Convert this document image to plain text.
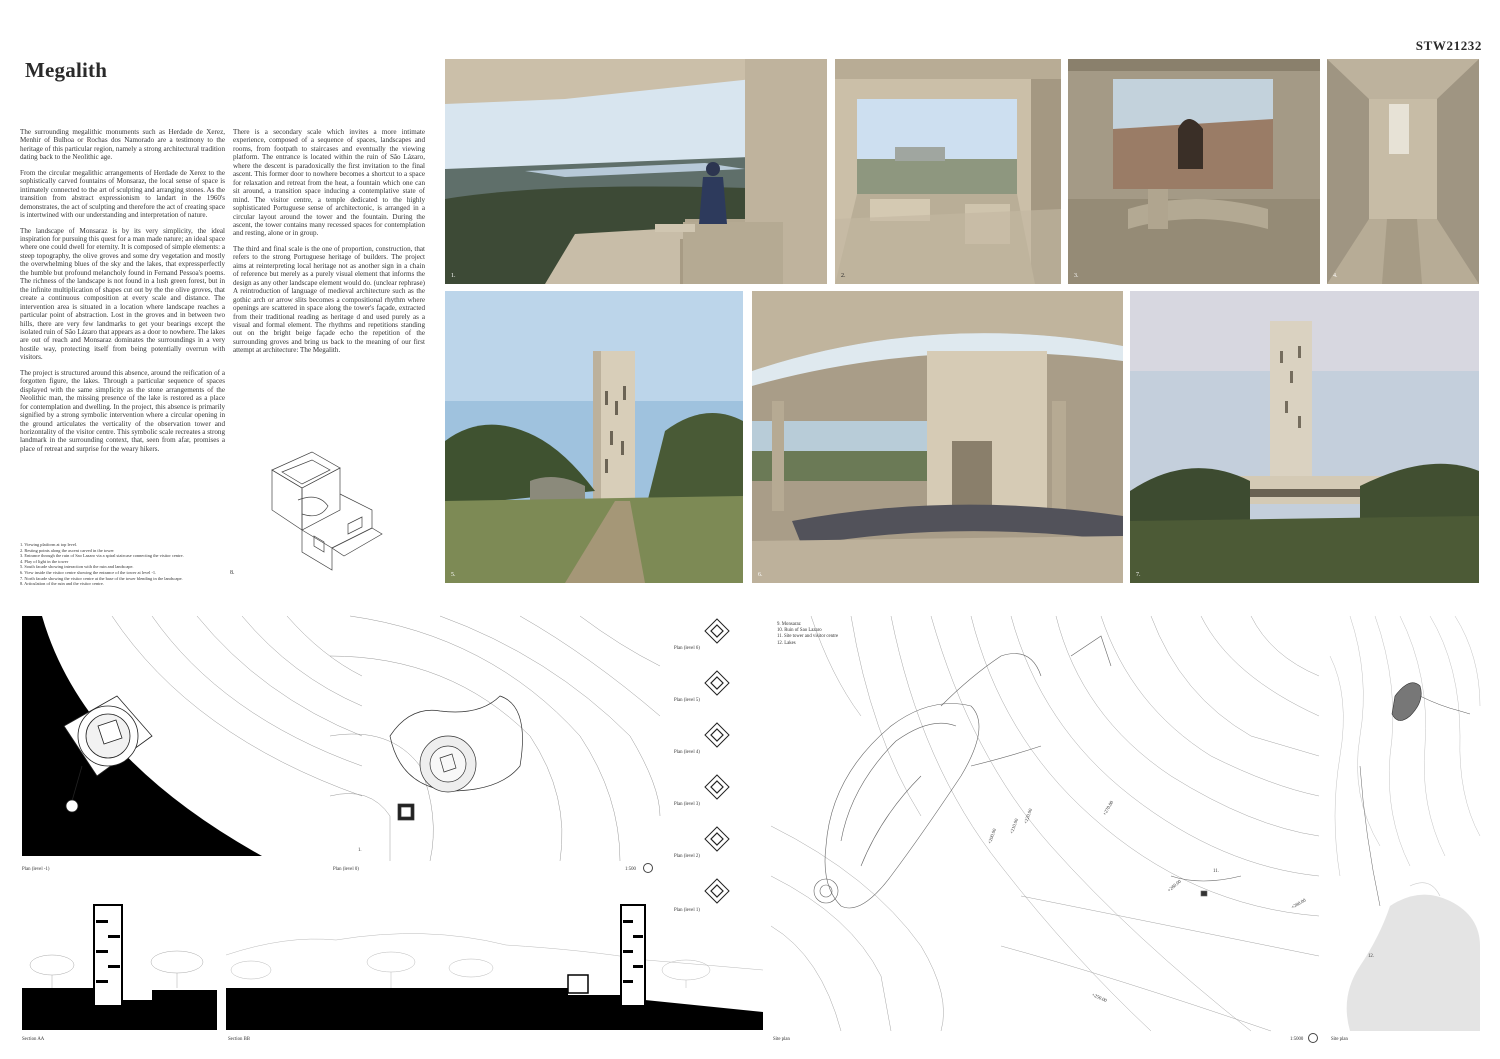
Megalith
STW21232

The surrounding megalithic monuments such as Herdade de Xerez, Menhir of Bulhoa or Rochas dos Namorado are a testimony to the heritage of this particular region, namely a strong architectural tradition dating back to the Neolithic age.

From the circular megalithic arrangements of Herdade de Xerez to the sophistically carved fountains of Monsaraz, the local sense of space is intimately connected to the art of sculpting and arranging stones. As the transition from abstract expressionism to landart in the 1960's demonstrates, the act of sculpting and therefore the act of creating space is intertwined with our understanding and interpretation of nature.

The landscape of Monsaraz is by its very simplicity, the ideal inspiration for pursuing this quest for a man made nature; an ideal space where one could dwell for eternity. It is composed of simple elements: a steep topography, the olive groves and some dry vegetation and mostly the overwhelming blues of the sky and the lakes, that expressperfectly the humble but profound melancholy found in Fernand Pessoa's poems. The richness of the landscape is not found in a lush green forest, but in the infinite multiplication of shapes cut out by the the olive groves, that create a continuous composition at every scale and distance. The intervention area is situated in a location where landscape reaches a particular point of abstraction. Lost in the groves and in between two hills, there are very few landmarks to get your bearings except the isolated ruin of São Lázaro that appears as a door to nowhere. The lakes are out of reach and Monsaraz dominates the surroundings in a very hostile way, protecting itself from being potentially overrun with visitors.

The project is structured around this absence, around the reification of a forgotten figure, the lakes. Through a particular sequence of spaces displayed with the same simplicity as the stone arrangements of the Neolithic man, the missing presence of the lake is restored as a place for contemplation and dwelling. In the project, this absence is primarily signified by a strong symbolic intervention where a circular opening in the ground articulates the verticality of the observation tower and horizontality of the visitor centre. This symbolic scale recreates a strong landmark in the surrounding context, that, seen from afar, promises a place of retreat and surprise for the weary hikers.

There is a secondary scale which invites a more intimate experience, composed of a sequence of spaces, landscapes and rooms, from footpath to staircases and eventually the viewing platform. The entrance is located within the ruin of São Lázaro, where the descent is paradoxically the first invitation to the final ascent. This former door to nowhere becomes a shortcut to a space for relaxation and retreat from the heat, a fountain which one can sit around, a transition space inducing a contemplative state of mind. The visitor centre, a temple dedicated to the highly sophisticated Portuguese sense of architectonic, is arranged in a circular layout around the tower and the fountain. During the ascent, the tower contains many recessed spaces for contemplation and resting, alone or in group.

The third and final scale is the one of proportion, construction, that refers to the strong Portuguese heritage of builders. The project aims at reinterpreting local heritage not as another sign in a chain of reference but merely as a purely visual element that informs the design as any other landscape element would do. (unclear rephrase) A reintroduction of language of medieval architecture such as the gothic arch or arrow slits becomes a compositional rhythm where openings are scattered in space along the tower's façade, extracted from their traditional reading as heritage d and used purely as a visual and formal element. The rhythms and repetitions standing out on the bright beige façade echo the repetition of the surrounding groves and bring us back to the meaning of our first attempt at architecture: The Megalith.

1. Viewing platform at top level.
2. Resting points along the ascent carved in the tower
3. Entrance through the ruin of Sao Lazaro via a spiral staircase connecting the visitor centre.
4. Play of light in the tower
5. South facade showing interaction with the ruin and landscape.
6. View inside the visitor centre showing the entrance of the tower at level -1.
7. North facade showing the visitor centre at the base of the tower blending in the landscape.
8. Articulation of the ruin and the visitor centre.
8.
1.	2.	3.	4.
5.	6.	7.
Plan (level -1)
1.
Plan (level 0)	1:500
Plan (level 6)
Plan (level 5)
Plan (level 4)
Plan (level 3)
Plan (level 2)
Plan (level 1)
Section AA	Section BB
9. Monsaraz
10. Ruin of Sao Lazaro
11. Site tower and visitor centre
12. Lakes
11.
+200.00
+210.00
+220.00
+250.00
+260.00
+270.00
+280.00
Site plan	1:5000
12.
Site plan
